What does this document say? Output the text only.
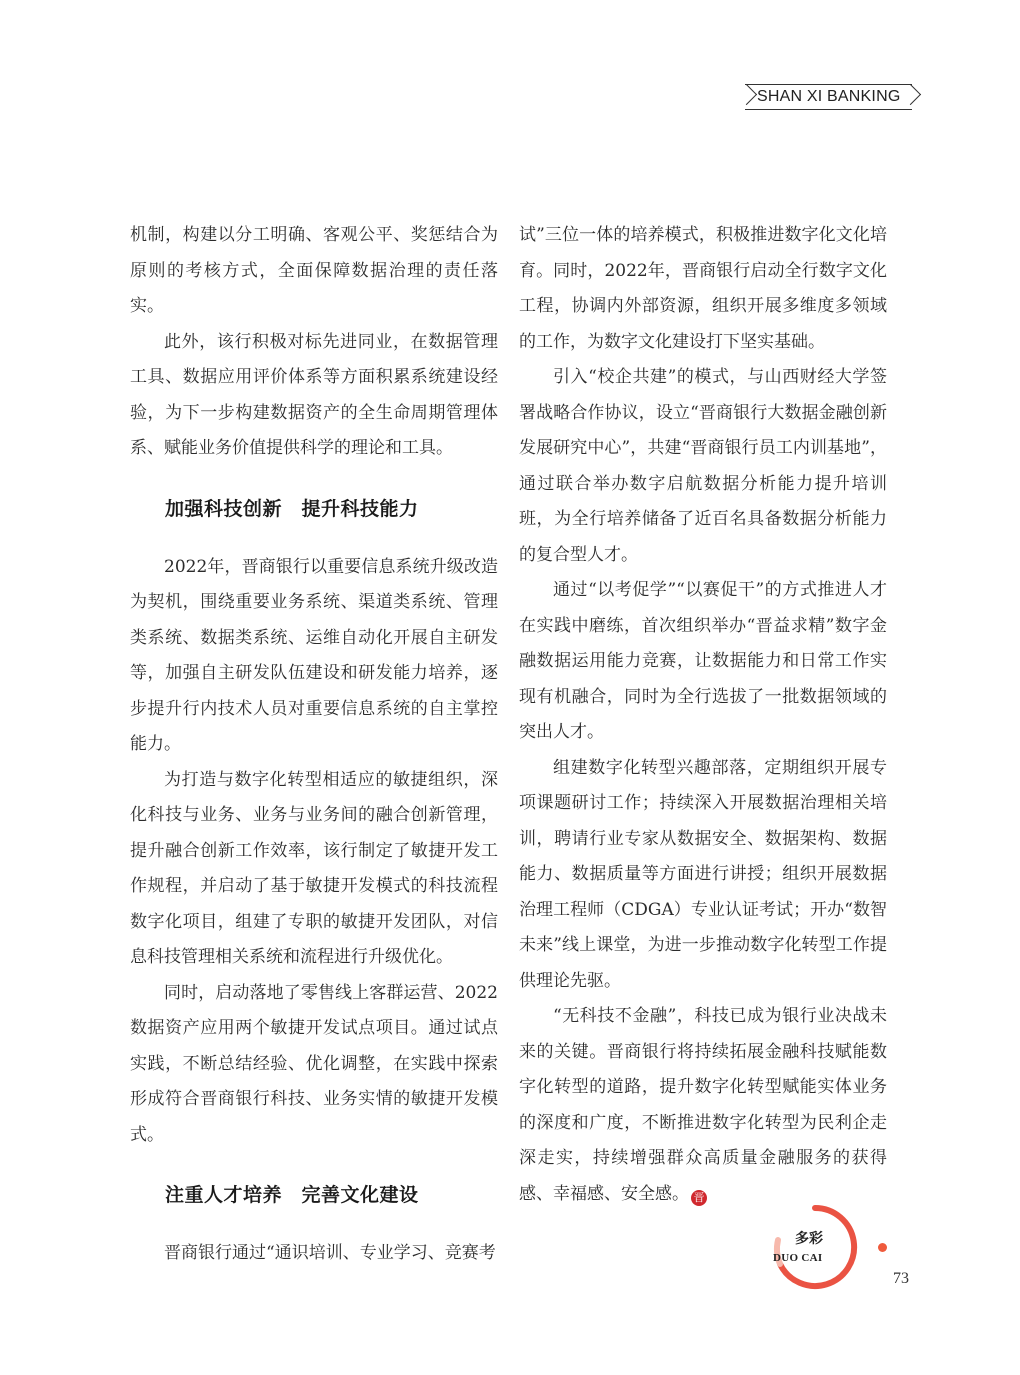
SHAN XI BANKING

机制，构建以分工明确、客观公平、奖惩结合为原则的考核方式，全面保障数据治理的责任落实。

此外，该行积极对标先进同业，在数据管理工具、数据应用评价体系等方面积累系统建设经验，为下一步构建数据资产的全生命周期管理体系、赋能业务价值提供科学的理论和工具。

加强科技创新　提升科技能力

2022年，晋商银行以重要信息系统升级改造为契机，围绕重要业务系统、渠道类系统、管理类系统、数据类系统、运维自动化开展自主研发等，加强自主研发队伍建设和研发能力培养，逐步提升行内技术人员对重要信息系统的自主掌控能力。

为打造与数字化转型相适应的敏捷组织，深化科技与业务、业务与业务间的融合创新管理，提升融合创新工作效率，该行制定了敏捷开发工作规程，并启动了基于敏捷开发模式的科技流程数字化项目，组建了专职的敏捷开发团队，对信息科技管理相关系统和流程进行升级优化。

同时，启动落地了零售线上客群运营、2022数据资产应用两个敏捷开发试点项目。通过试点实践，不断总结经验、优化调整，在实践中探索形成符合晋商银行科技、业务实情的敏捷开发模式。

注重人才培养　完善文化建设

晋商银行通过“通识培训、专业学习、竞赛考

试”三位一体的培养模式，积极推进数字化文化培育。同时，2022年，晋商银行启动全行数字文化工程，协调内外部资源，组织开展多维度多领域的工作，为数字文化建设打下坚实基础。

引入“校企共建”的模式，与山西财经大学签署战略合作协议，设立“晋商银行大数据金融创新发展研究中心”，共建“晋商银行员工内训基地”，通过联合举办数字启航数据分析能力提升培训班，为全行培养储备了近百名具备数据分析能力的复合型人才。

通过“以考促学”“以赛促干”的方式推进人才在实践中磨练，首次组织举办“晋益求精”数字金融数据运用能力竞赛，让数据能力和日常工作实现有机融合，同时为全行选拔了一批数据领域的突出人才。

组建数字化转型兴趣部落，定期组织开展专项课题研讨工作；持续深入开展数据治理相关培训，聘请行业专家从数据安全、数据架构、数据能力、数据质量等方面进行讲授；组织开展数据治理工程师（CDGA）专业认证考试；开办“数智未来”线上课堂，为进一步推动数字化转型工作提供理论先驱。

“无科技不金融”，科技已成为银行业决战未来的关键。晋商银行将持续拓展金融科技赋能数字化转型的道路，提升数字化转型赋能实体业务的深度和广度，不断推进数字化转型为民利企走深走实，持续增强群众高质量金融服务的获得感、幸福感、安全感。 晋

多彩
DUO CAI
73
